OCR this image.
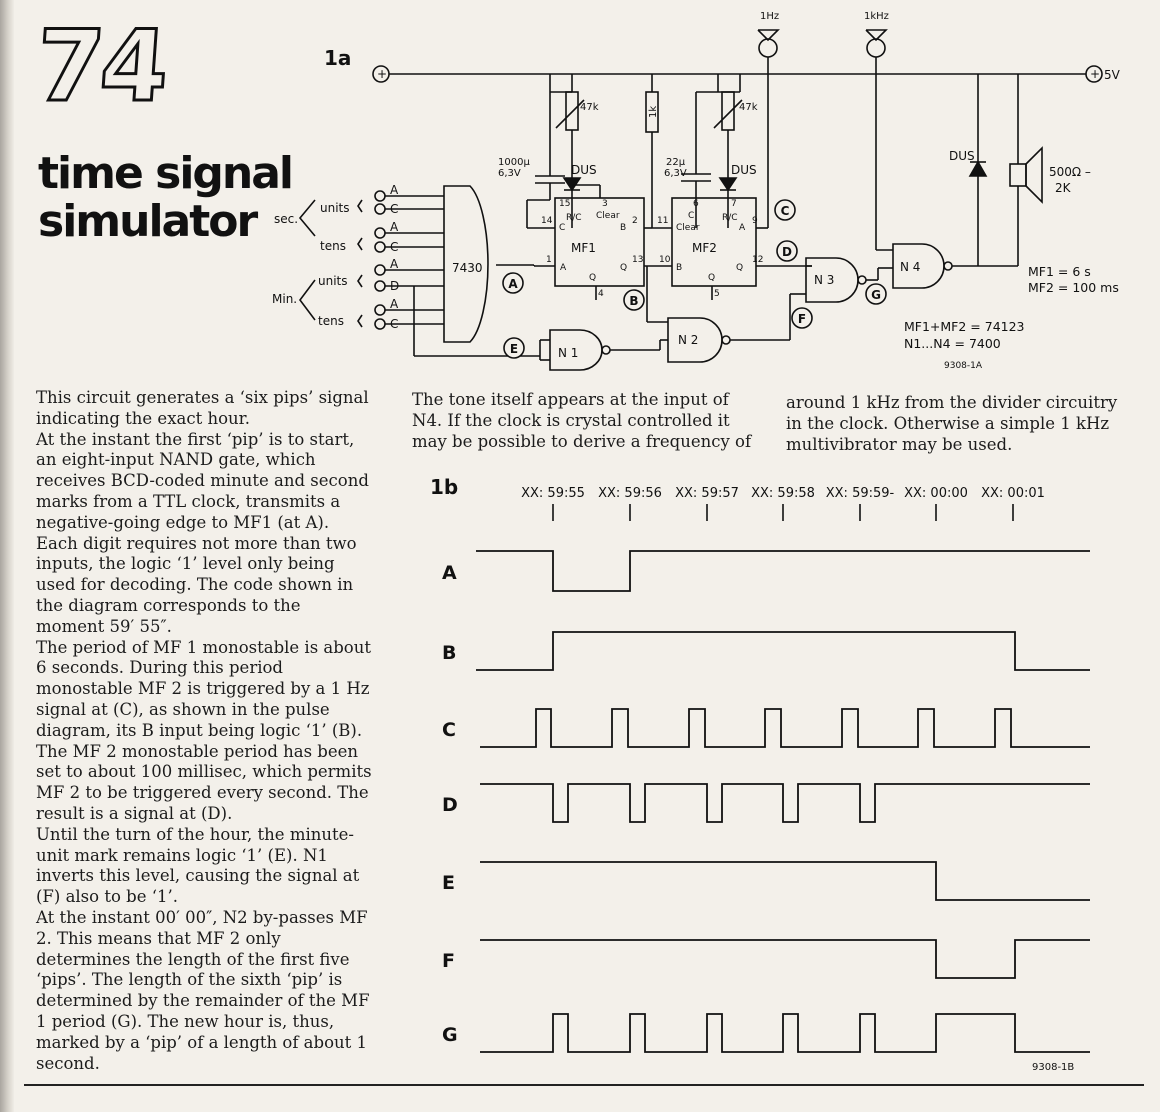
74
time signal
simulator
1a
1b

This circuit generates a ‘six pips’ signal indicating the exact hour.

At the instant the first ‘pip’ is to start, an eight-input NAND gate, which receives BCD-coded minute and second marks from a TTL clock, transmits a negative-going edge to MF1 (at A). Each digit requires not more than two inputs, the logic ‘1’ level only being used for decoding. The code shown in the diagram corresponds to the moment 59′ 55″.

The period of MF 1 monostable is about 6 seconds. During this period monostable MF 2 is triggered by a 1 Hz signal at (C), as shown in the pulse diagram, its B input being logic ‘1’ (B). The MF 2 monostable period has been set to about 100 millisec, which permits MF 2 to be triggered every second. The result is a signal at (D).

Until the turn of the hour, the minute-unit mark remains logic ‘1’ (E). N1 inverts this level, causing the signal at (F) also to be ‘1’.

At the instant 00′ 00″, N2 by-passes MF 2. This means that MF 2 only determines the length of the first five ‘pips’. The length of the sixth ‘pip’ is determined by the remainder of the MF 1 period (G). The new hour is, thus, marked by a ‘pip’ of a length of about 1 second.

The tone itself appears at the input of N4. If the clock is crystal controlled it may be possible to derive a frequency of

around 1 kHz from the divider circuitry in the clock. Otherwise a simple 1 kHz multivibrator may be used.

A
B
C
D
E
F
G
+	+ 5V
1Hz	1kHz
47k	47k
1k
1000µ
6,3V
22µ
6,3V
DUS	DUS
DUS
500Ω –
2K
7430
MF1	MF2
N 1
N 2
N 3
N 4
sec.
Min.
units
tens
units
tens
A
C
A
C
A
D
A
C
14
15	3
2
1	13
4
C
R/C Clear
B
A
Q
Q
11
6	7
9
10	12
5
C	R/C
Clear	A
B
Q
Q	MF1 = 6 s
MF2 = 100 ms
MF1+MF2 = 74123
N1...N4 = 7400
9308-1A
XX: 59:55 XX: 59:56 XX: 59:57 XX: 59:58 XX: 59:59- XX: 00:00 XX: 00:01
A
B
C
D
E
F
G
9308-1B
